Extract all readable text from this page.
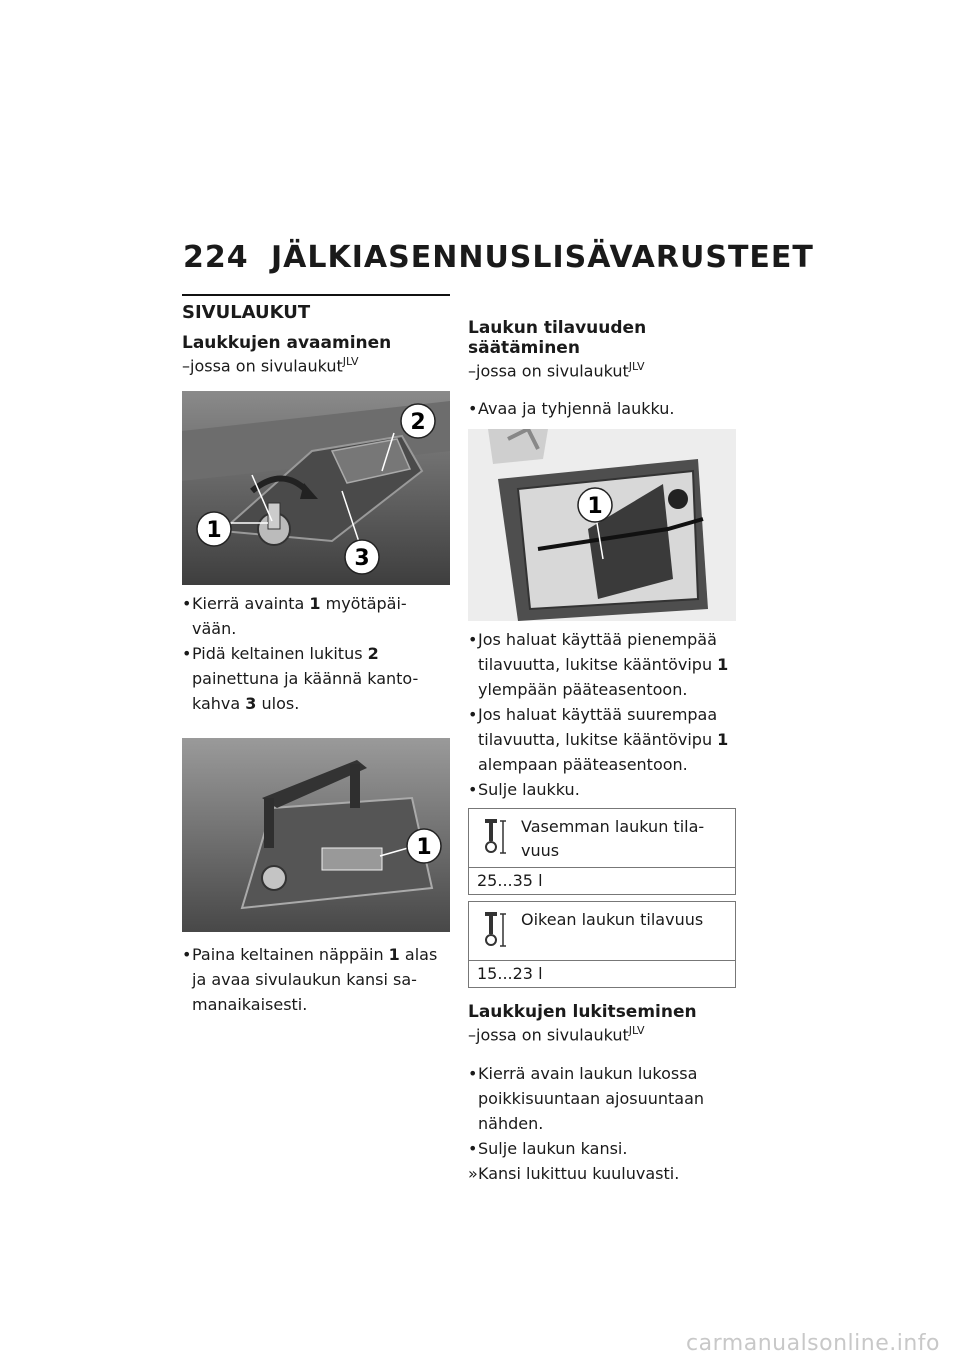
224 JÄLKIASENNUSLISÄVARUSTEET
SIVULAUKUT
Laukkujen avaaminen
–jossa on sivulaukut$^{JLV}$
1
2
3
• Kierrä avainta 1 myötäpäi-vään.
• Pidä keltainen lukitus 2 painettuna ja käännä kanto-kahva 3 ulos.
1
• Paina keltainen näppäin 1 alas ja avaa sivulaukun kansi sa-manaikaisesti.
Laukun tilavuuden säätäminen
–jossa on sivulaukut$^{JLV}$
• Avaa ja tyhjennä laukku.
1
• Jos haluat käyttää pienempää tilavuutta, lukitse kääntövipu 1 ylempään pääteasentoon.
• Jos haluat käyttää suurempaa tilavuutta, lukitse kääntövipu 1 alempaan pääteasentoon.
• Sulje laukku.
Vasemman laukun tila-vuus
25...35 l
Oikean laukun tilavuus
15...23 l
Laukkujen lukitseminen
–jossa on sivulaukut$^{JLV}$
• Kierrä avain laukun lukossa poikkisuuntaan ajosuuntaan nähden.
• Sulje laukun kansi.
» Kansi lukittuu kuuluvasti.
carmanualsonline.info
